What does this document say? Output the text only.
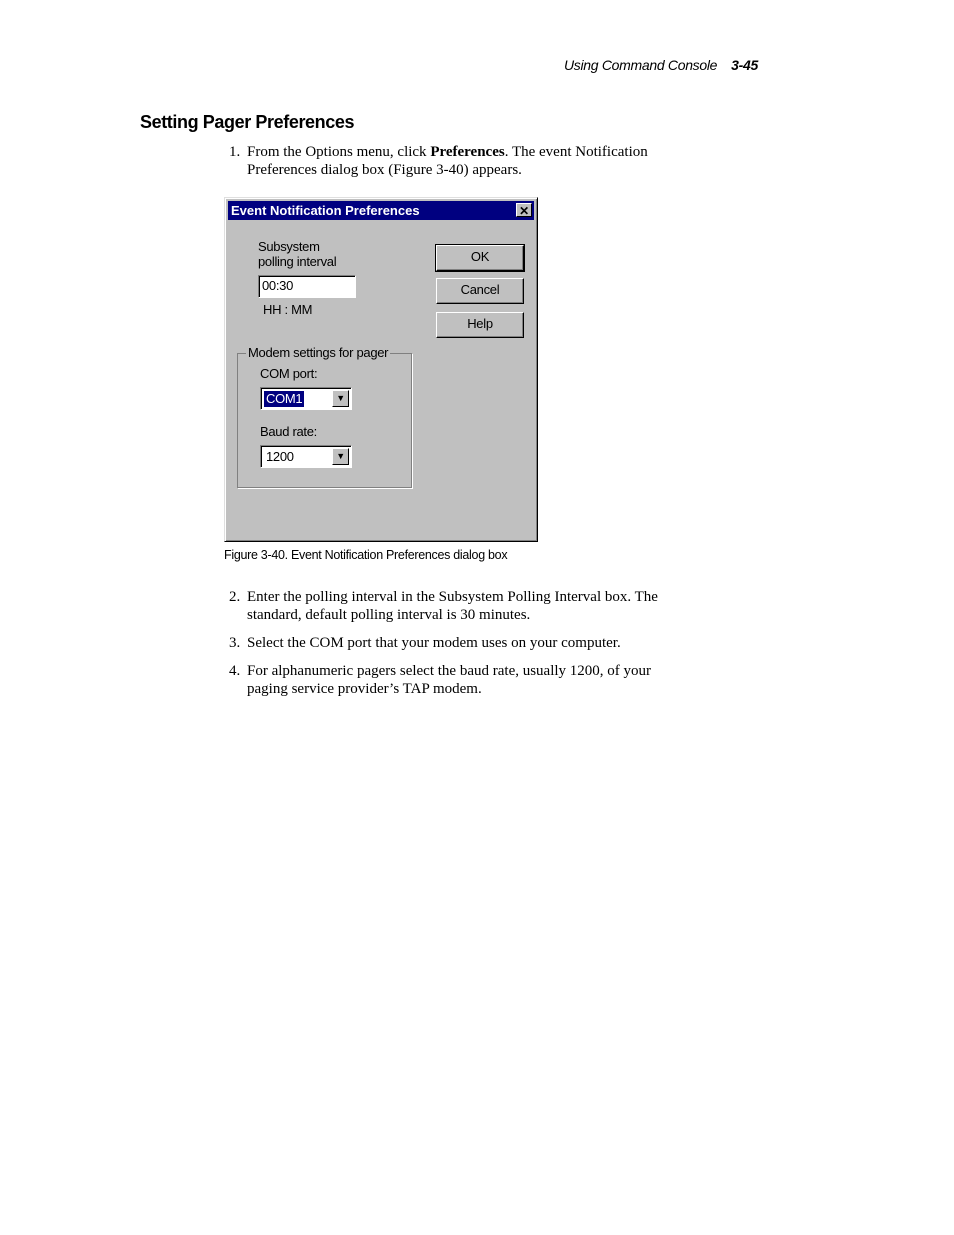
Using Command Console 3-45
Setting Pager Preferences
1. From the Options menu, click Preferences. The event Notification Preferences dialog box (Figure 3-40) appears.
Event Notification Preferences	✕
Subsystem
polling interval
00:30
HH : MM
OK
Cancel
Help
Modem settings for pager
COM port:
COM1	▼
Baud rate:
1200	▼
Figure 3-40. Event Notification Preferences dialog box
2. Enter the polling interval in the Subsystem Polling Interval box. The standard, default polling interval is 30 minutes.
3. Select the COM port that your modem uses on your computer.
4. For alphanumeric pagers select the baud rate, usually 1200, of your paging service provider’s TAP modem.
